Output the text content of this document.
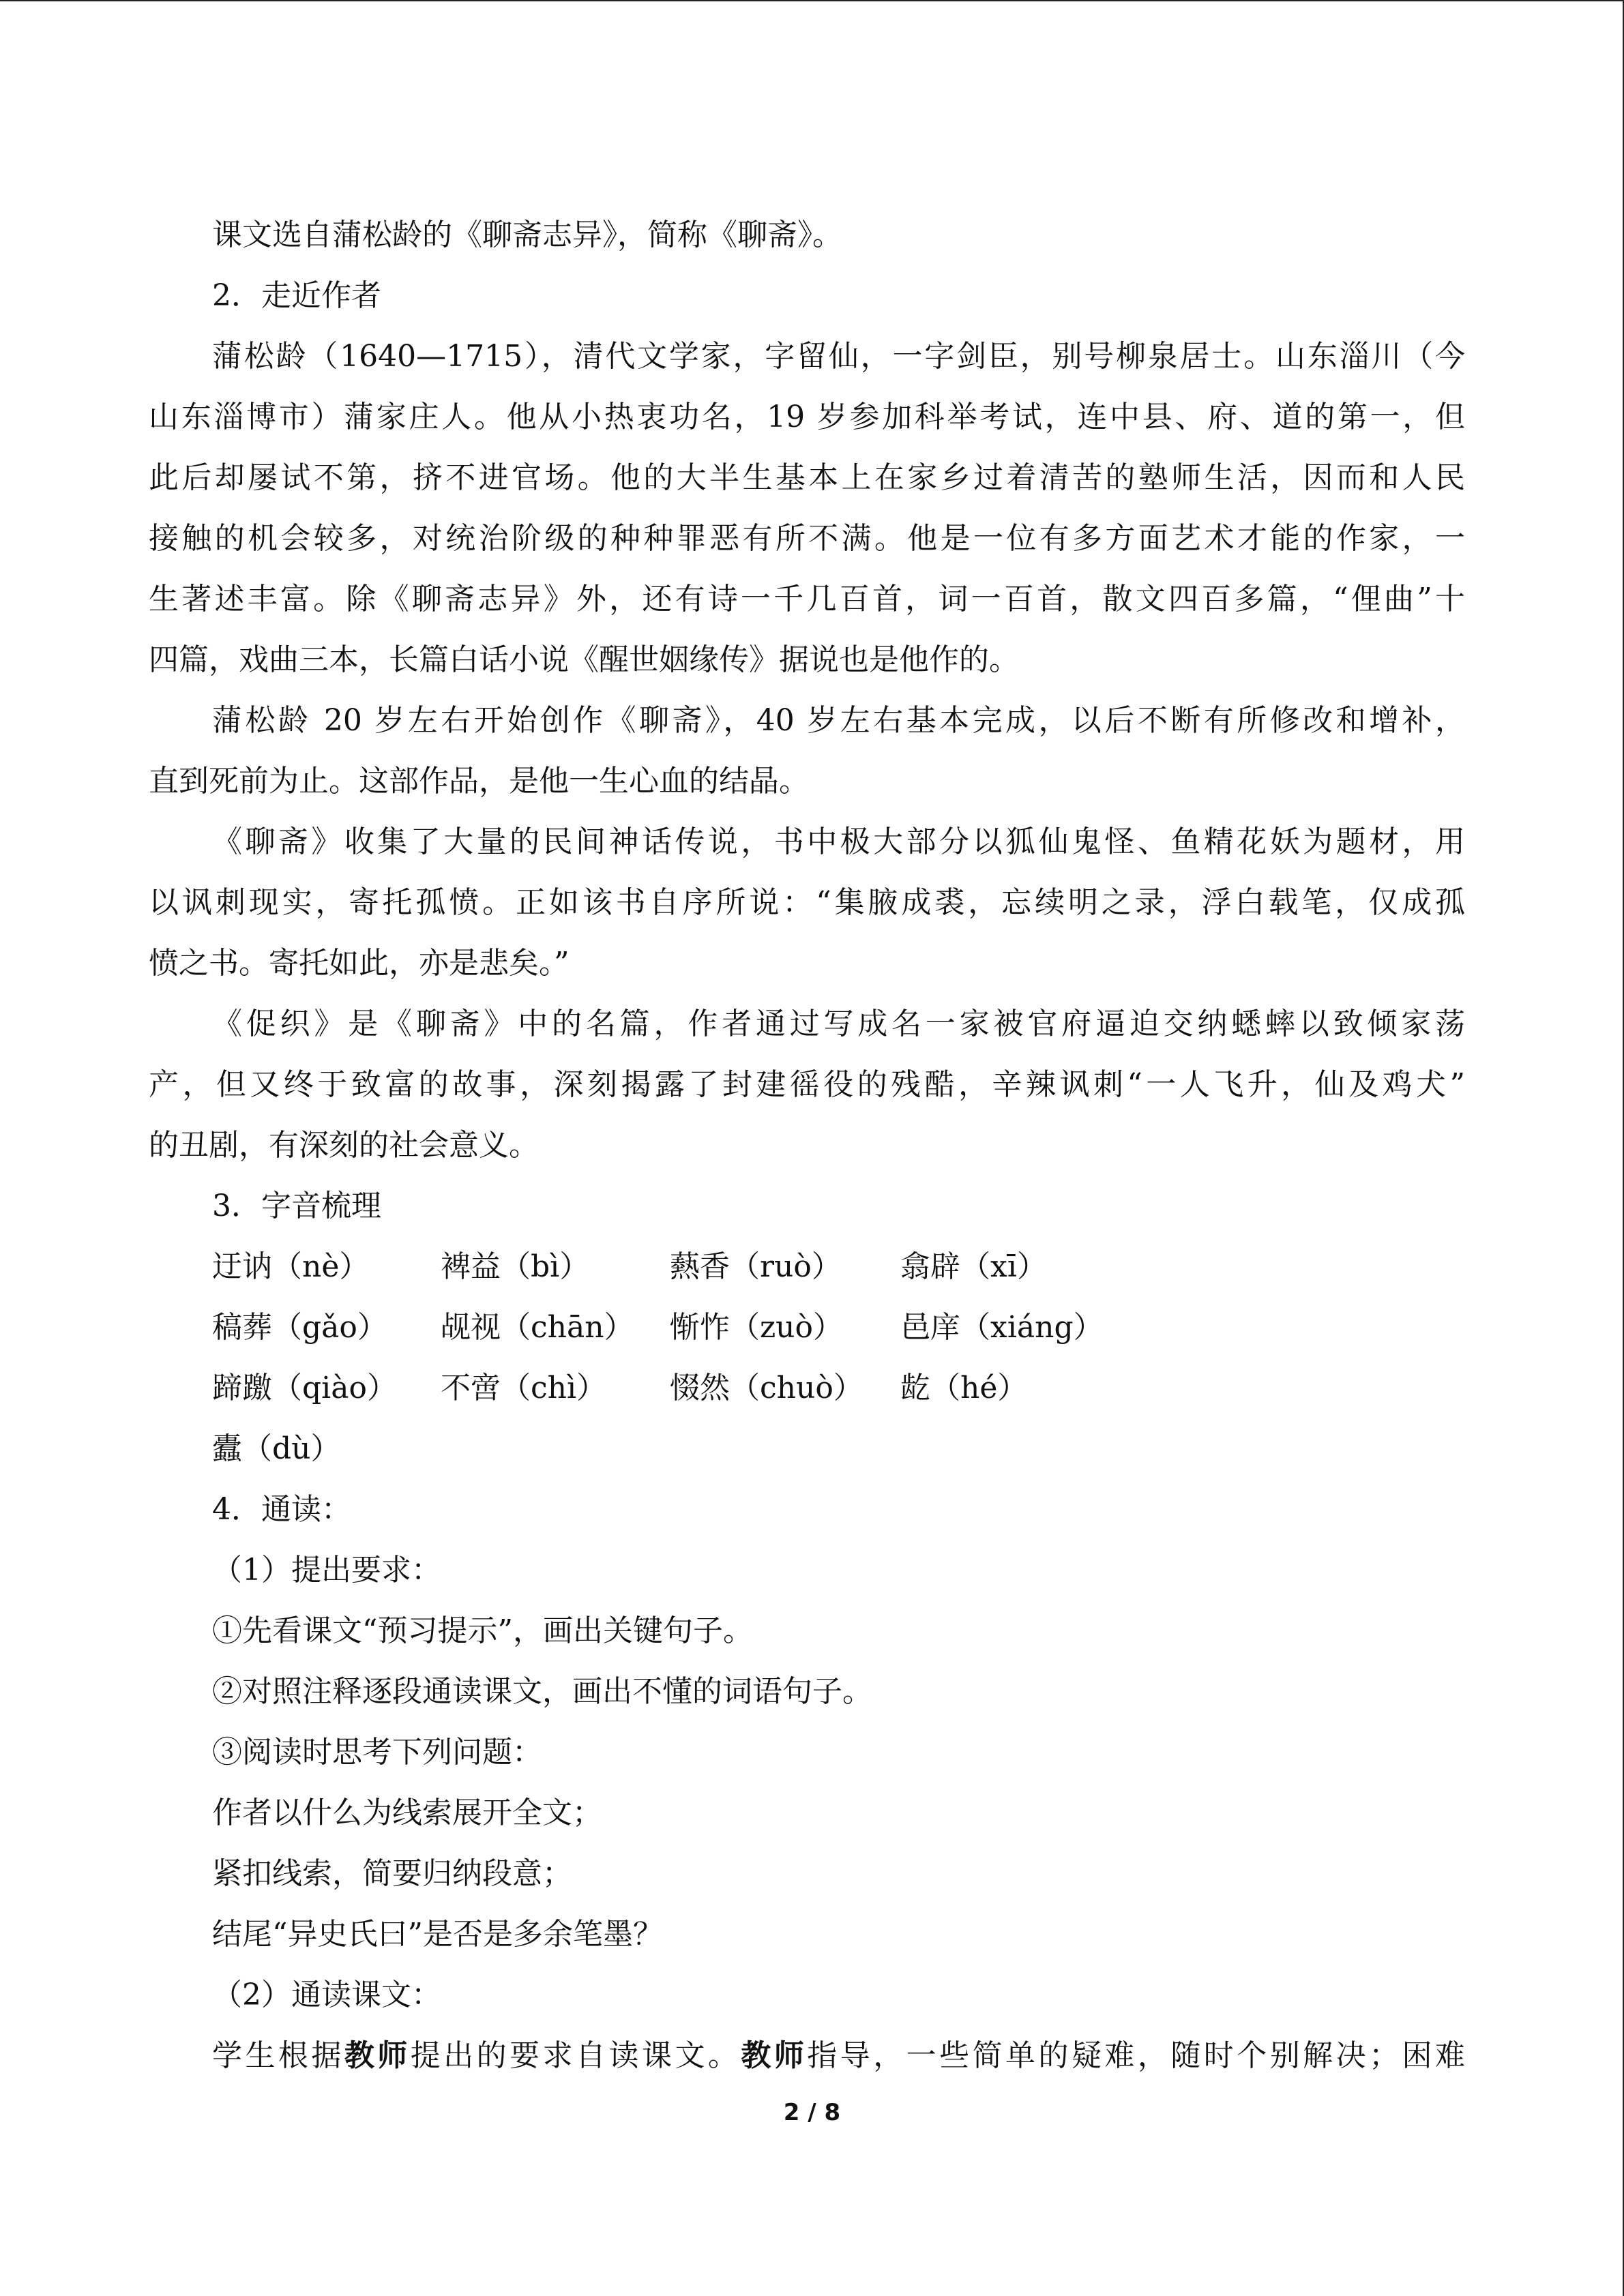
课文选自蒲松龄的《聊斋志异》，简称《聊斋》。
2．走近作者
蒲松龄（1640—1715），清代文学家，字留仙，一字剑臣，别号柳泉居士。山东淄川（今
山东淄博市）蒲家庄人。他从小热衷功名，19 岁参加科举考试，连中县、府、道的第一，但
此后却屡试不第，挤不进官场。他的大半生基本上在家乡过着清苦的塾师生活，因而和人民
接触的机会较多，对统治阶级的种种罪恶有所不满。他是一位有多方面艺术才能的作家，一
生著述丰富。除《聊斋志异》外，还有诗一千几百首，词一百首，散文四百多篇，“俚曲”十
四篇，戏曲三本，长篇白话小说《醒世姻缘传》据说也是他作的。
蒲松龄 20 岁左右开始创作《聊斋》，40 岁左右基本完成，以后不断有所修改和增补，
直到死前为止。这部作品，是他一生心血的结晶。
《聊斋》收集了大量的民间神话传说，书中极大部分以狐仙鬼怪、鱼精花妖为题材，用
以讽刺现实，寄托孤愤。正如该书自序所说：“集腋成裘，忘续明之录，浮白载笔，仅成孤
愤之书。寄托如此，亦是悲矣。”
《促织》是《聊斋》中的名篇，作者通过写成名一家被官府逼迫交纳蟋蟀以致倾家荡
产，但又终于致富的故事，深刻揭露了封建徭役的残酷，辛辣讽刺“一人飞升，仙及鸡犬”
的丑剧，有深刻的社会意义。
3．字音梳理
迂讷（nè）	裨益（bì）	爇香（ruò）	翕辟（xī）
稿葬（gǎo）	觇视（chān）	惭怍（zuò）	邑庠（xiáng）
蹄躈（qiào）	不啻（chì）	惙然（chuò）	龁（hé）
蠹（dù）
4．通读：
（1）提出要求：
①先看课文“预习提示”，画出关键句子。
②对照注释逐段通读课文，画出不懂的词语句子。
③阅读时思考下列问题：
作者以什么为线索展开全文；
紧扣线索，简要归纳段意；
结尾“异史氏曰”是否是多余笔墨？
（2）通读课文：
学生根据教师提出的要求自读课文。教师指导，一些简单的疑难，随时个别解决；困难
2 / 8
